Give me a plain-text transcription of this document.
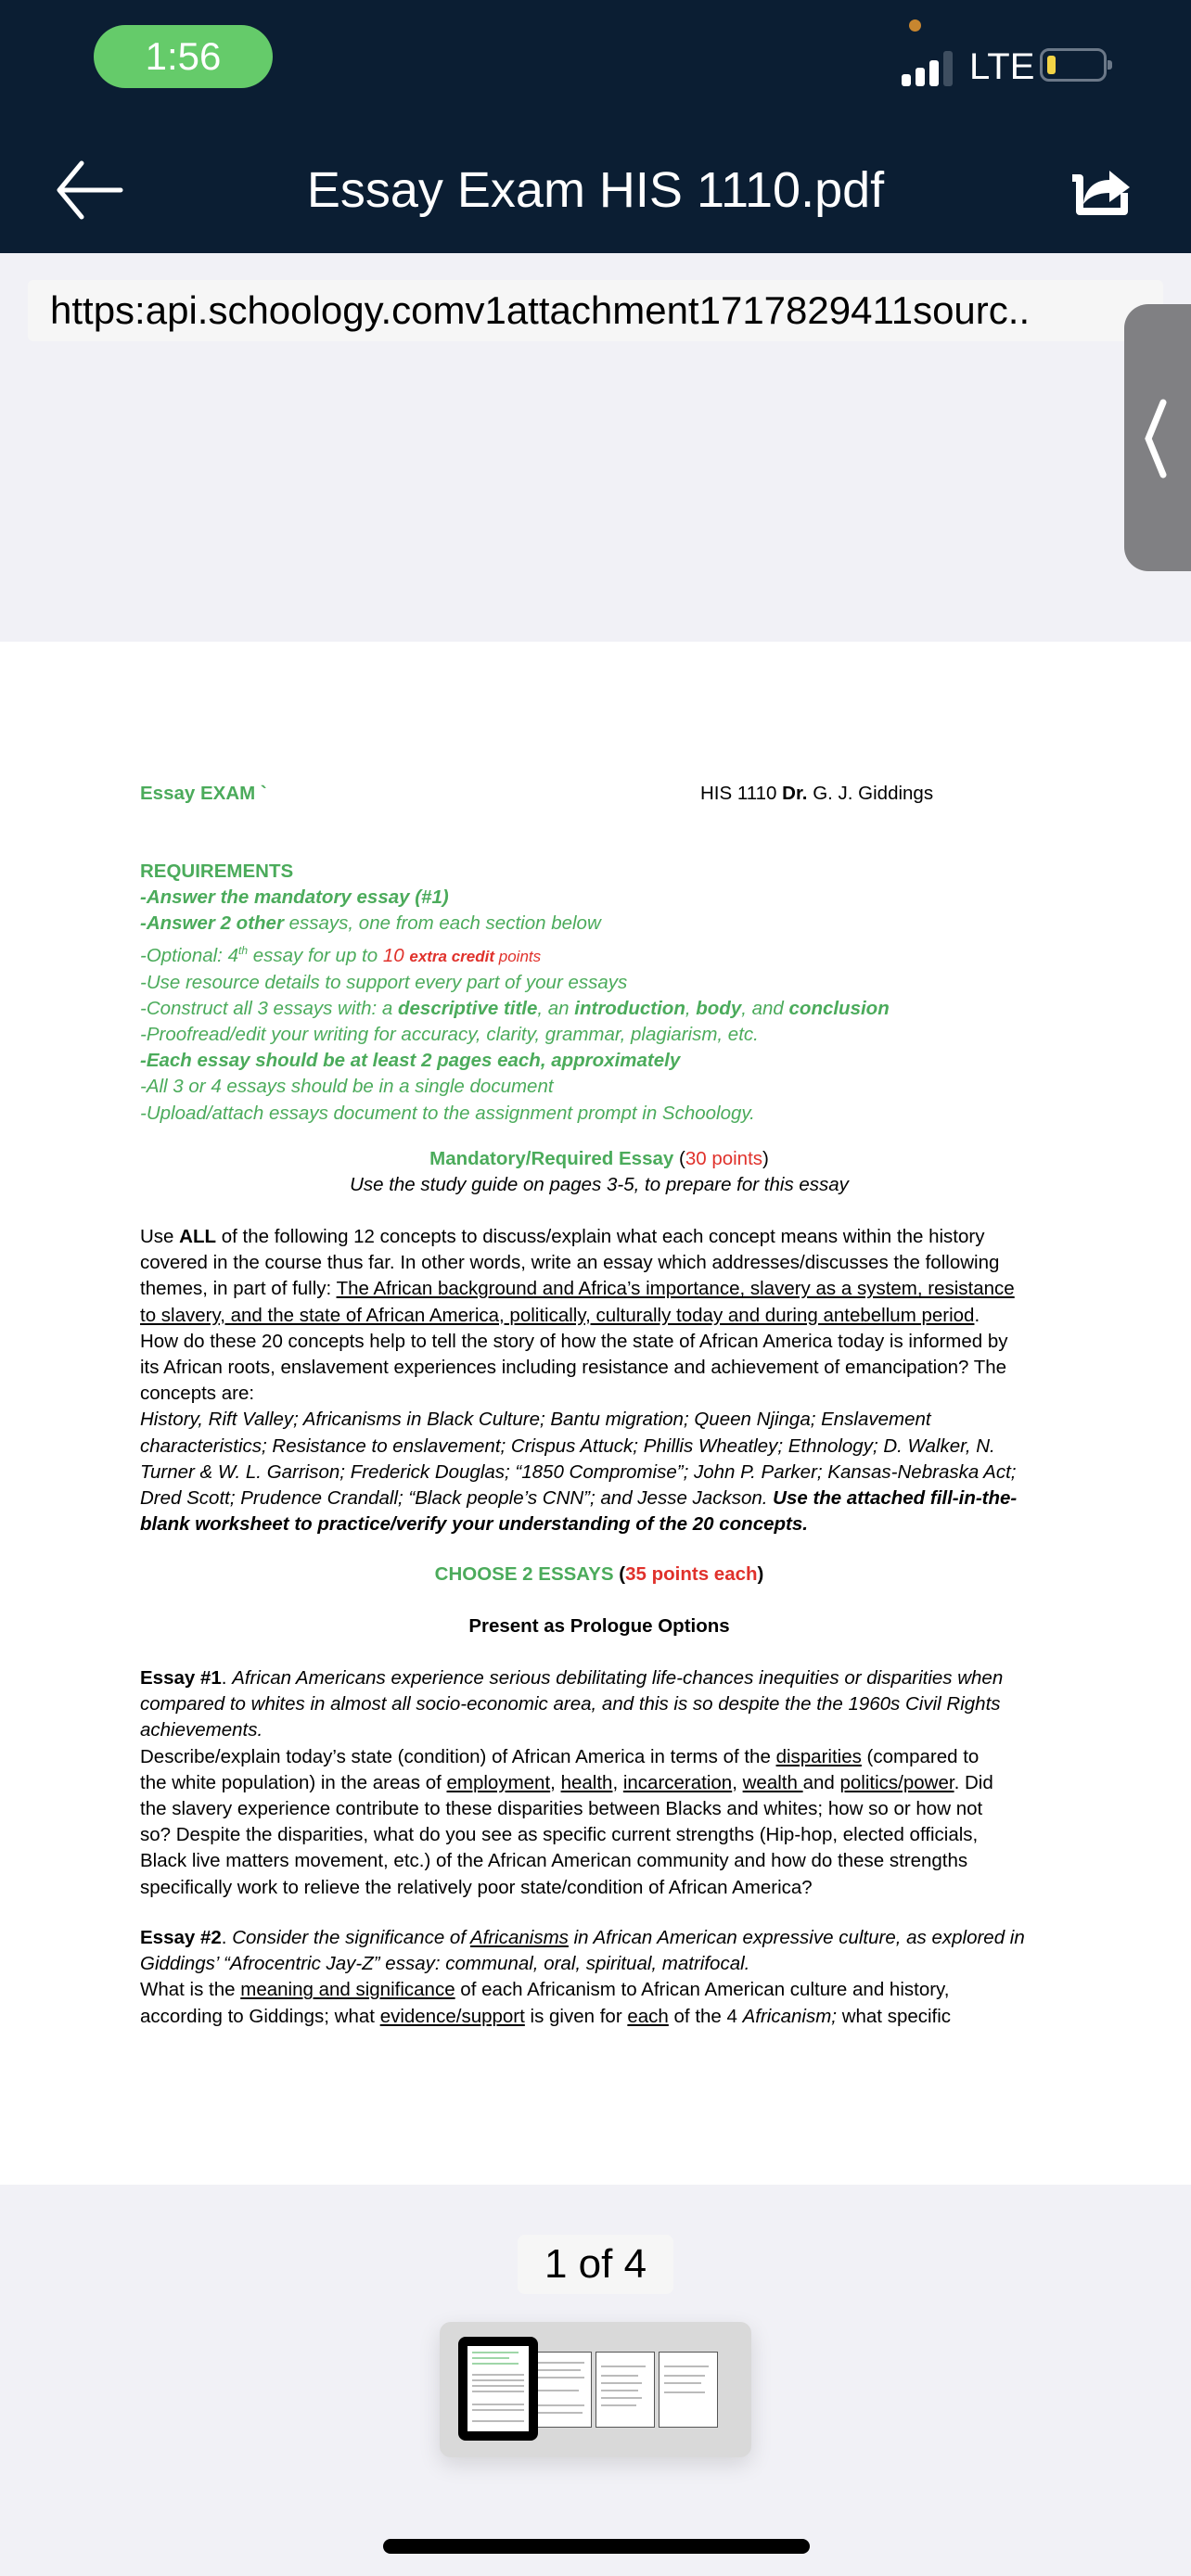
1:56	LTE
Essay Exam HIS 1110.pdf
https:api.schoology.comv1attachment1717829411sourc..
Essay EXAM `	HIS 1110 Dr. G. J. Giddings
REQUIREMENTS
-Answer the mandatory essay (#1)
-Answer 2 other essays, one from each section below
-Optional: 4th essay for up to 10 extra credit points
-Use resource details to support every part of your essays
-Construct all 3 essays with: a descriptive title, an introduction, body, and conclusion
-Proofread/edit your writing for accuracy, clarity, grammar, plagiarism, etc.
-Each essay should be at least 2 pages each, approximately
-All 3 or 4 essays should be in a single document
-Upload/attach essays document to the assignment prompt in Schoology.
Mandatory/Required Essay (30 points)
Use the study guide on pages 3-5, to prepare for this essay
Use ALL of the following 12 concepts to discuss/explain what each concept means within the history
covered in the course thus far. In other words, write an essay which addresses/discusses the following
themes, in part of fully: The African background and Africa’s importance, slavery as a system, resistance
to slavery, and the state of African America, politically, culturally today and during antebellum period.
How do these 20 concepts help to tell the story of how the state of African America today is informed by
its African roots, enslavement experiences including resistance and achievement of emancipation? The
concepts are:
History, Rift Valley; Africanisms in Black Culture; Bantu migration; Queen Njinga; Enslavement
characteristics; Resistance to enslavement; Crispus Attuck; Phillis Wheatley; Ethnology; D. Walker, N.
Turner & W. L. Garrison; Frederick Douglas; “1850 Compromise”; John P. Parker; Kansas-Nebraska Act;
Dred Scott; Prudence Crandall; “Black people’s CNN”; and Jesse Jackson. Use the attached fill-in-the-
blank worksheet to practice/verify your understanding of the 20 concepts.
CHOOSE 2 ESSAYS (35 points each)
Present as Prologue Options
Essay #1. African Americans experience serious debilitating life-chances inequities or disparities when
compared to whites in almost all socio-economic area, and this is so despite the the 1960s Civil Rights
achievements.
Describe/explain today’s state (condition) of African America in terms of the disparities (compared to
the white population) in the areas of employment, health, incarceration, wealth and politics/power. Did
the slavery experience contribute to these disparities between Blacks and whites; how so or how not
so? Despite the disparities, what do you see as specific current strengths (Hip-hop, elected officials,
Black live matters movement, etc.) of the African American community and how do these strengths
specifically work to relieve the relatively poor state/condition of African America?
Essay #2. Consider the significance of Africanisms in African American expressive culture, as explored in
Giddings’ “Afrocentric Jay-Z” essay: communal, oral, spiritual, matrifocal.
What is the meaning and significance of each Africanism to African American culture and history,
according to Giddings; what evidence/support is given for each of the 4 Africanism; what specific
1 of 4
